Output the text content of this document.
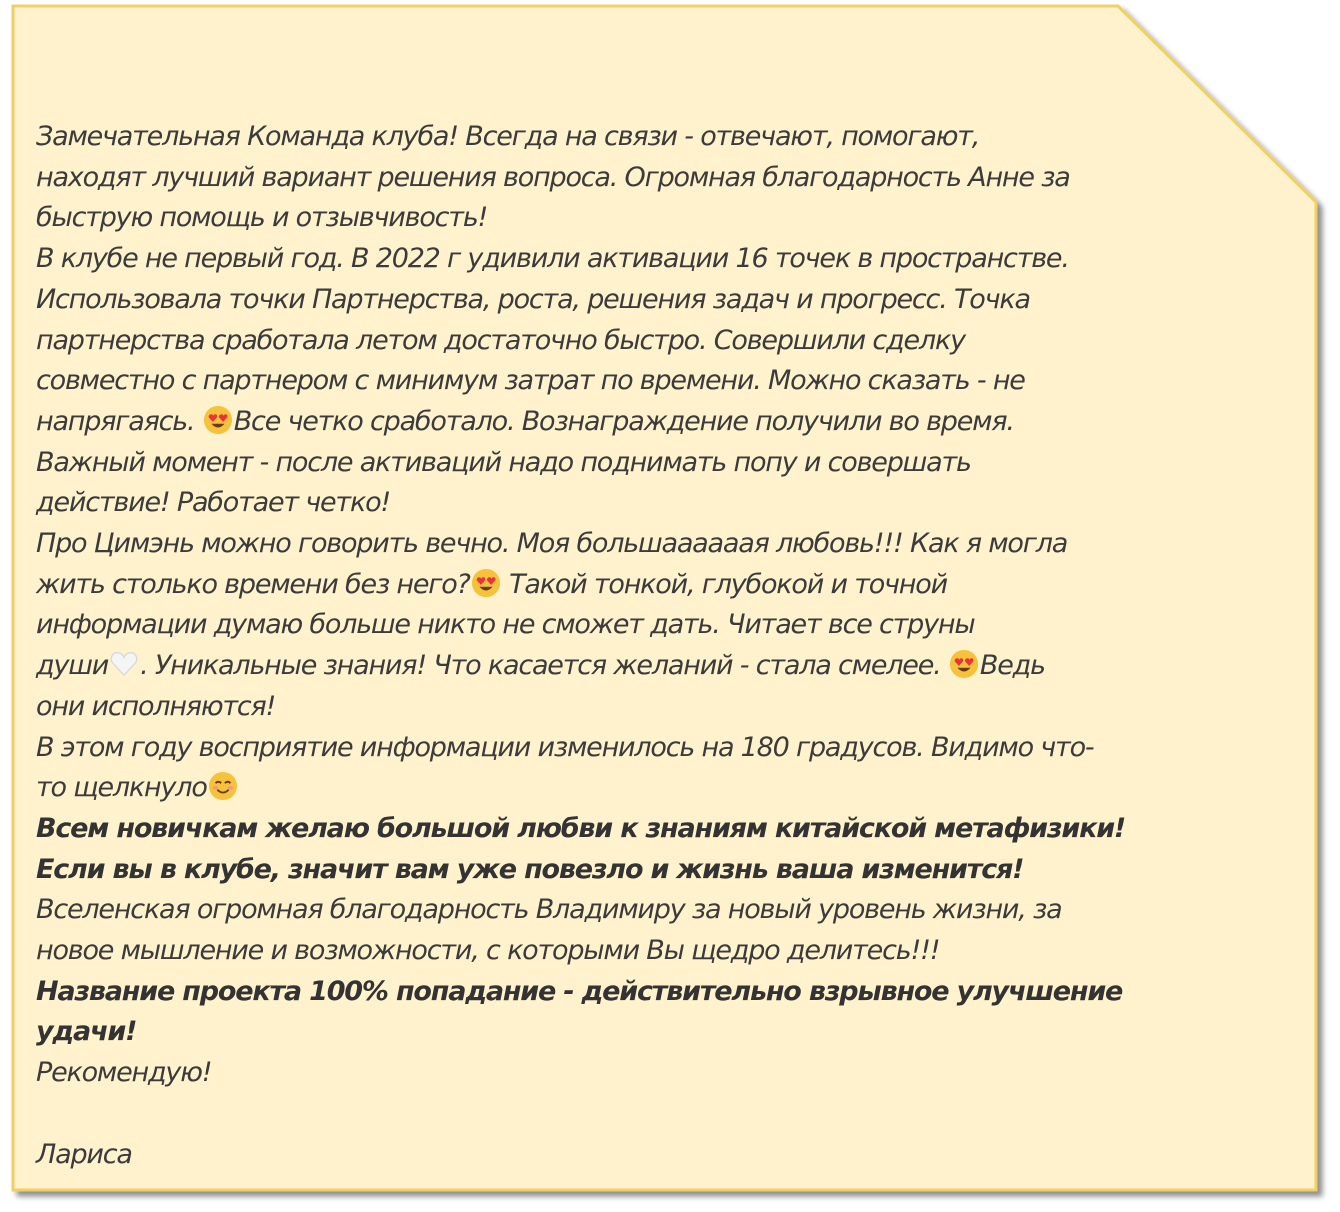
Замечательная Команда клуба! Всегда на связи - отвечают, помогают,
находят лучший вариант решения вопроса. Огромная благодарность Анне за
быструю помощь и отзывчивость!
В клубе не первый год. В 2022 г удивили активации 16 точек в пространстве.
Использовала точки Партнерства, роста, решения задач и прогресс. Точка
партнерства сработала летом достаточно быстро. Совершили сделку
совместно с партнером с минимум затрат по времени. Можно сказать - не
напрягаясь. Все четко сработало. Вознаграждение получили во время.
Важный момент - после активаций надо поднимать попу и совершать
действие! Работает четко!
Про Цимэнь можно говорить вечно. Моя большаааааая любовь!!! Как я могла
жить столько времени без него? Такой тонкой, глубокой и точной
информации думаю больше никто не сможет дать. Читает все струны
души . Уникальные знания! Что касается желаний - стала смелее. Ведь
они исполняются!
В этом году восприятие информации изменилось на 180 градусов. Видимо что-
то щелкнуло
Всем новичкам желаю большой любви к знаниям китайской метафизики!
Если вы в клубе, значит вам уже повезло и жизнь ваша изменится!
Вселенская огромная благодарность Владимиру за новый уровень жизни, за
новое мышление и возможности, с которыми Вы щедро делитесь!!!
Название проекта 100% попадание - действительно взрывное улучшение
удачи!
Рекомендую!
Лариса
